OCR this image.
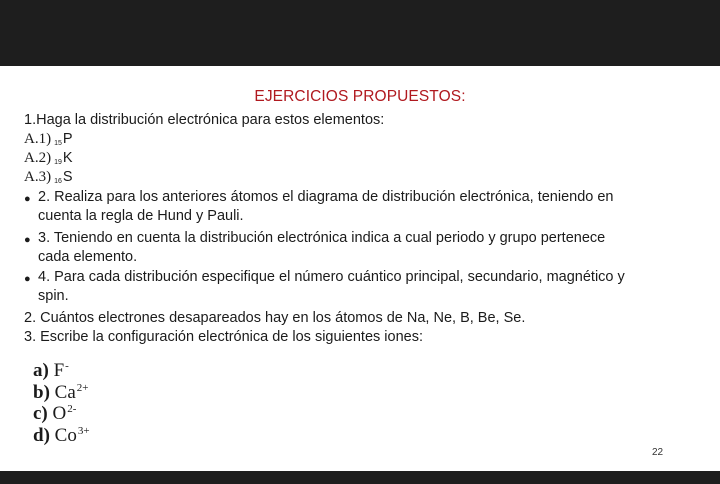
EJERCICIOS PROPUESTOS:
1.Haga la distribución electrónica para estos elementos:
A.1) $_{15}$P
A.2) $_{19}$K
A.3) $_{16}$S
● 2. Realiza para los anteriores átomos el diagrama de distribución electrónica, teniendo en
cuenta la regla de Hund y Pauli.
● 3. Teniendo en cuenta la distribución electrónica indica a cual periodo y grupo pertenece
cada elemento.
● 4. Para cada distribución especifique el número cuántico principal, secundario, magnético y
spin.
2. Cuántos electrones desapareados hay en los átomos de Na, Ne, B, Be, Se.
3. Escribe la configuración electrónica de los siguientes iones:
a) F-
b) $Ca^{2+}$
c) $O^{2-}$
d) $Co^{3+}$
22
